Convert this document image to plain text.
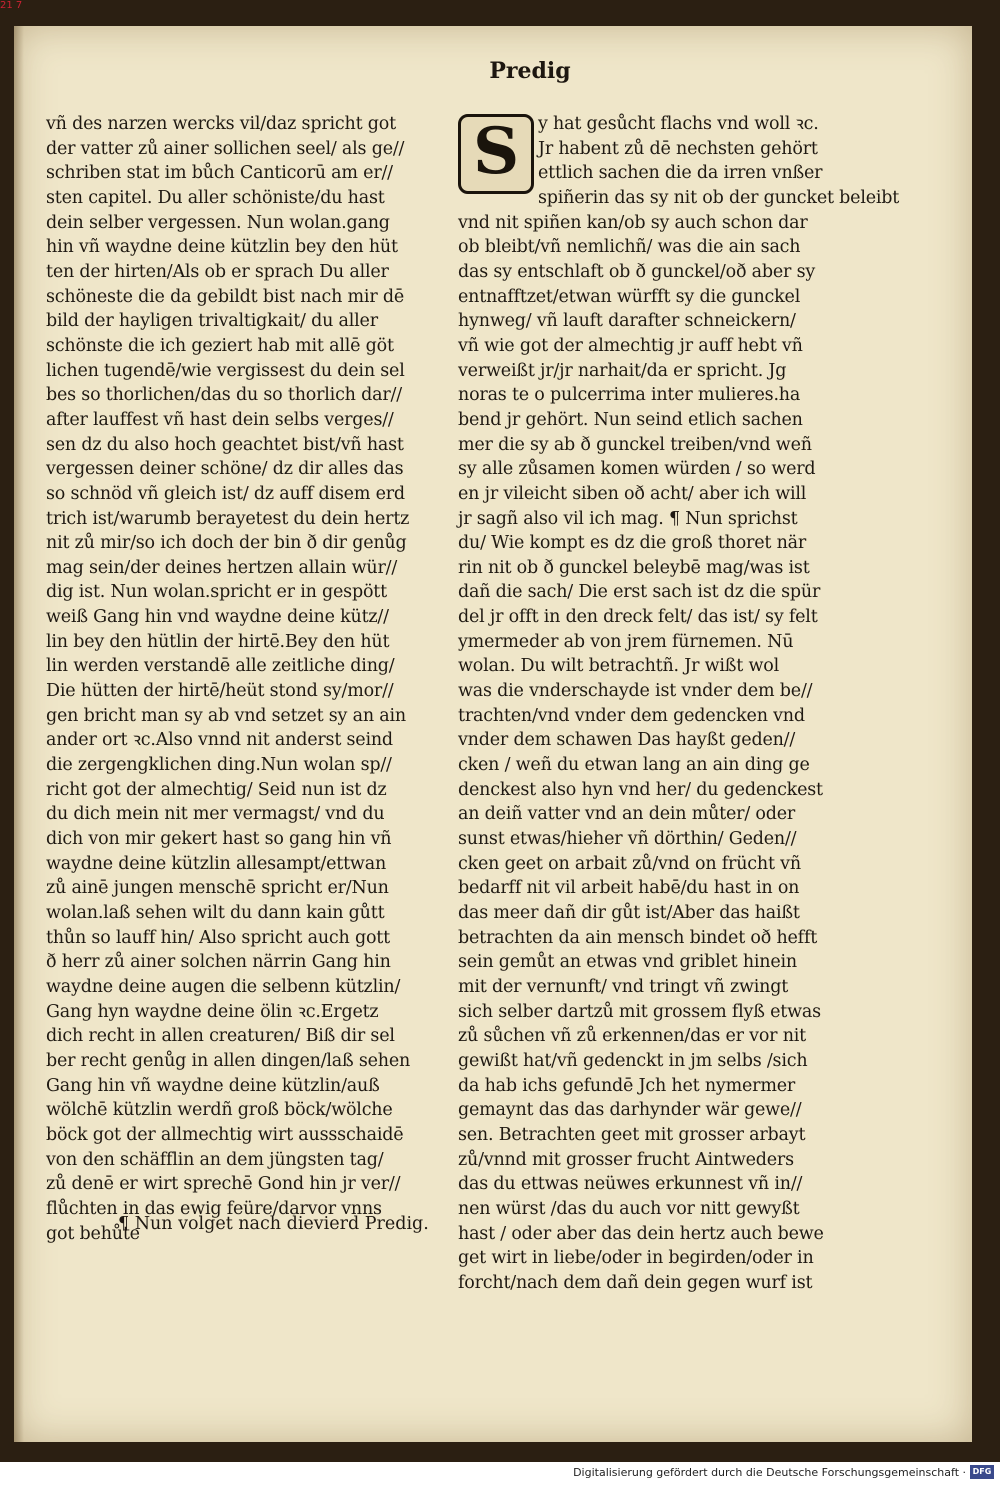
21 7
Predig
vñ des narzen wercks vil/daz spricht got
der vatter zů ainer sollichen seel/ als ge//
schriben stat im bůch Canticorū am er//
sten capitel. Du aller schöniste/du hast
dein selber vergessen. Nun wolan.gang
hin vñ waydne deine kützlin bey den hüt
ten der hirten/Als ob er sprach Du aller
schöneste die da gebildt bist nach mir dē
bild der hayligen trivaltigkait/ du aller
schönste die ich geziert hab mit allē göt
lichen tugendē/wie vergissest du dein sel
bes so thorlichen/das du so thorlich dar//
after lauffest vñ hast dein selbs verges//
sen dz du also hoch geachtet bist/vñ hast
vergessen deiner schöne/ dz dir alles das
so schnöd vñ gleich ist/ dz auff disem erd
trich ist/warumb berayetest du dein hertz
nit zů mir/so ich doch der bin ð dir genůg
mag sein/der deines hertzen allain wür//
dig ist. Nun wolan.spricht er in gespött
weiß Gang hin vnd waydne deine kütz//
lin bey den hütlin der hirtē.Bey den hüt
lin werden verstandē alle zeitliche ding/
Die hütten der hirtē/heüt stond sy/mor//
gen bricht man sy ab vnd setzet sy an ain
ander ort ꝛc.Also vnnd nit anderst seind
die zergengklichen ding.Nun wolan sp//
richt got der almechtig/ Seid nun ist dz
du dich mein nit mer vermagst/ vnd du
dich von mir gekert hast so gang hin vñ
waydne deine kützlin allesampt/ettwan
zů ainē jungen menschē spricht er/Nun
wolan.laß sehen wilt du dann kain gůtt
thůn so lauff hin/ Also spricht auch gott
ð herr zů ainer solchen närrin Gang hin
waydne deine augen die selbenn kützlin/
Gang hyn waydne deine ölin ꝛc.Ergetz
dich recht in allen creaturen/ Biß dir sel
ber recht genůg in allen dingen/laß sehen
Gang hin vñ waydne deine kützlin/auß
wölchē kützlin werdñ groß böck/wölche
böck got der allmechtig wirt aussschaidē
von den schäfflin an dem jüngsten tag/
zů denē er wirt sprechē Gond hin jr ver//
flůchten in das ewig feüre/darvor vnns
got behůte
¶ Nun volget nach dievierd Predig.
S	y hat gesůcht flachs vnd woll ꝛc.
Jr habent zů dē nechsten gehört
ettlich sachen die da irren vnßer
spiñerin das sy nit ob der guncket beleibt
vnd nit spiñen kan/ob sy auch schon dar
ob bleibt/vñ nemlichñ/ was die ain sach
das sy entschlaft ob ð gunckel/oð aber sy
entnafftzet/etwan würfft sy die gunckel
hynweg/ vñ lauft darafter schneickern/
vñ wie got der almechtig jr auff hebt vñ
verweißt jr/jr narhait/da er spricht. Jg
noras te o pulcerrima inter mulieres.ha
bend jr gehört. Nun seind etlich sachen
mer die sy ab ð gunckel treiben/vnd weñ
sy alle zůsamen komen würden / so werd
en jr vileicht siben oð acht/ aber ich will
jr sagñ also vil ich mag. ¶ Nun sprichst
du/ Wie kompt es dz die groß thoret när
rin nit ob ð gunckel beleybē mag/was ist
dañ die sach/ Die erst sach ist dz die spür
del jr offt in den dreck felt/ das ist/ sy felt
ymermeder ab von jrem fürnemen. Nū
wolan. Du wilt betrachtñ. Jr wißt wol
was die vnderschayde ist vnder dem be//
trachten/vnd vnder dem gedencken vnd
vnder dem schawen Das hayßt geden//
cken / weñ du etwan lang an ain ding ge
denckest also hyn vnd her/ du gedenckest
an deiñ vatter vnd an dein můter/ oder
sunst etwas/hieher vñ dörthin/ Geden//
cken geet on arbait zů/vnd on frücht vñ
bedarff nit vil arbeit habē/du hast in on
das meer dañ dir gůt ist/Aber das haißt
betrachten da ain mensch bindet oð hefft
sein gemůt an etwas vnd griblet hinein
mit der vernunft/ vnd tringt vñ zwingt
sich selber dartzů mit grossem flyß etwas
zů sůchen vñ zů erkennen/das er vor nit
gewißt hat/vñ gedenckt in jm selbs /sich
da hab ichs gefundē Jch het nymermer
gemaynt das das darhynder wär gewe//
sen. Betrachten geet mit grosser arbayt
zů/vnnd mit grosser frucht Aintweders
das du ettwas neüwes erkunnest vñ in//
nen würst /das du auch vor nitt gewyßt
hast / oder aber das dein hertz auch bewe
get wirt in liebe/oder in begirden/oder in
forcht/nach dem dañ dein gegen wurf ist
Digitalisierung gefördert durch die Deutsche Forschungsgemeinschaft · DFG
